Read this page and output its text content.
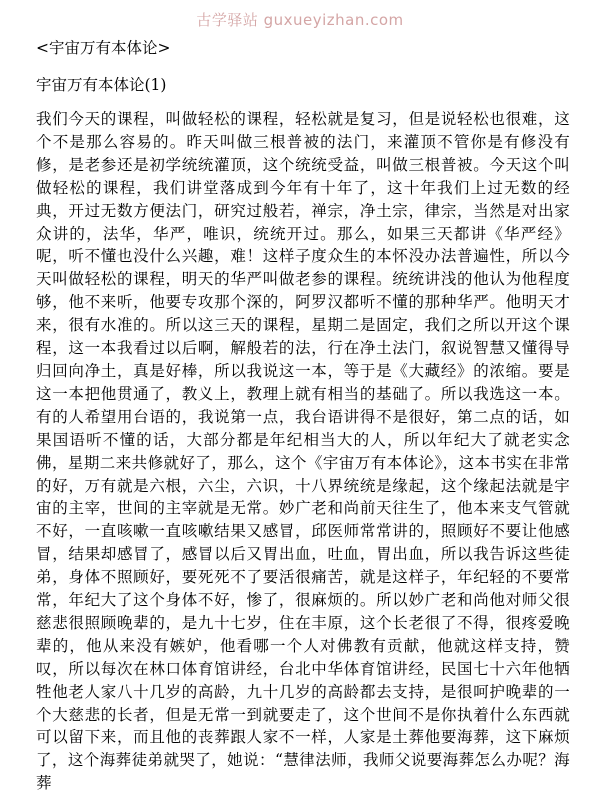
古学驿站 guxueyizhan.com
<宇宙万有本体论>
宇宙万有本体论(1)

我们今天的课程，叫做轻松的课程，轻松就是复习，但是说轻松也很难，这个不是那么容易的。昨天叫做三根普被的法门，来灌顶不管你是有修没有修，是老参还是初学统统灌顶，这个统统受益，叫做三根普被。今天这个叫做轻松的课程，我们讲堂落成到今年有十年了，这十年我们上过无数的经典，开过无数方便法门，研究过般若，禅宗，净土宗，律宗，当然是对出家众讲的，法华，华严，唯识，统统开过。那么，如果三天都讲《华严经》呢，听不懂也没什么兴趣，难！这样子度众生的本怀没办法普遍性，所以今天叫做轻松的课程，明天的华严叫做老参的课程。统统讲浅的他认为他程度够，他不来听，他要专攻那个深的，阿罗汉都听不懂的那种华严。他明天才来，很有水准的。所以这三天的课程，星期二是固定，我们之所以开这个课程，这一本我看过以后啊，解般若的法，行在净土法门，叙说智慧又懂得导归回向净土，真是好棒，所以我说这一本，等于是《大藏经》的浓缩。要是这一本把他贯通了，教义上，教理上就有相当的基础了。所以我选这一本。有的人希望用台语的，我说第一点，我台语讲得不是很好，第二点的话，如果国语听不懂的话，大部分都是年纪相当大的人，所以年纪大了就老实念佛，星期二来共修就好了，那么，这个《宇宙万有本体论》，这本书实在非常的好，万有就是六根，六尘，六识，十八界统统是缘起，这个缘起法就是宇宙的主宰，世间的主宰就是无常。妙广老和尚前天往生了，他本来支气管就不好，一直咳嗽一直咳嗽结果又感冒，邱医师常常讲的，照顾好不要让他感冒，结果却感冒了，感冒以后又胃出血，吐血，胃出血，所以我告诉这些徒弟，身体不照顾好，要死死不了要活很痛苦，就是这样子，年纪轻的不要常常，年纪大了这个身体不好，惨了，很麻烦的。所以妙广老和尚他对师父很慈悲很照顾晚辈的，是九十七岁，住在丰原，这个长老很了不得，很疼爱晚辈的，他从来没有嫉妒，他看哪一个人对佛教有贡献，他就这样支持，赞叹，所以每次在林口体育馆讲经，台北中华体育馆讲经，民国七十六年他牺牲他老人家八十几岁的高龄，九十几岁的高龄都去支持，是很呵护晚辈的一个大慈悲的长者，但是无常一到就要走了，这个世间不是你执着什么东西就可以留下来，而且他的丧葬跟人家不一样，人家是土葬他要海葬，这下麻烦了，这个海葬徒弟就哭了，她说：“慧律法师，我师父说要海葬怎么办呢？海葬
